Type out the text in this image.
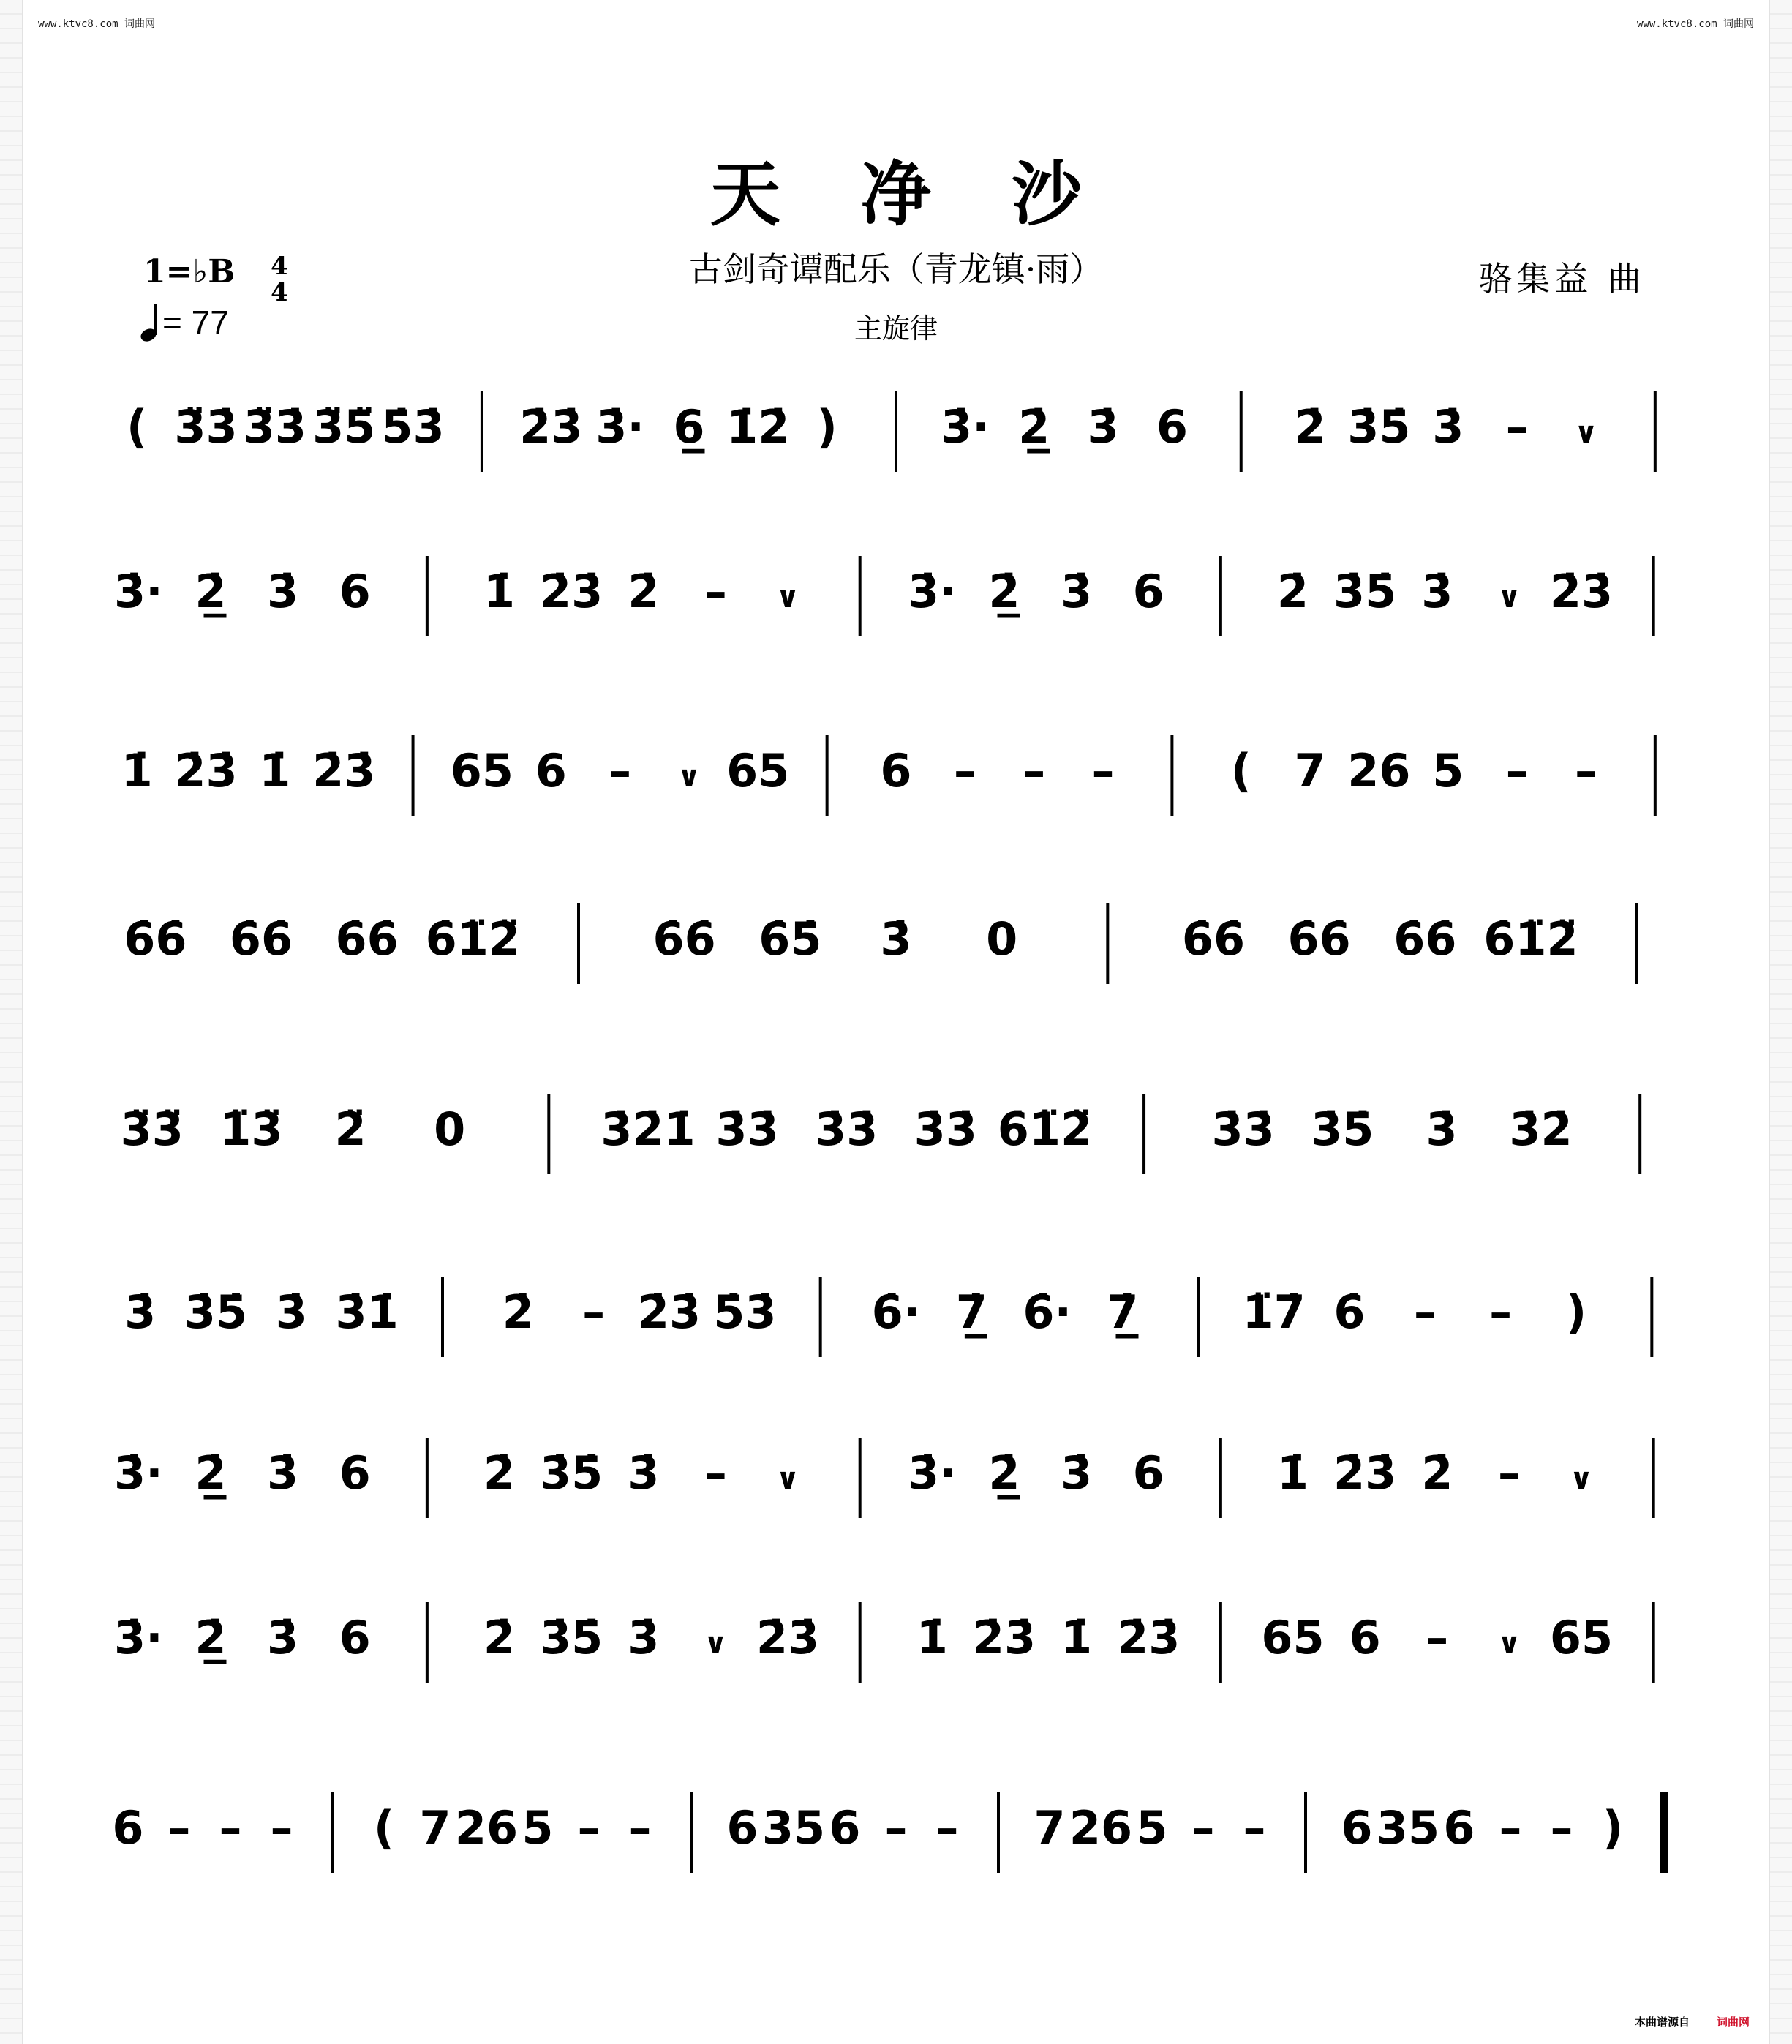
www.ktvc8.com 词曲网	www.ktvc8.com 词曲网
天净沙
古剑奇谭配乐（青龙镇·雨）
主旋律
骆集益 曲
1=♭B 4
4
= 77
( 3̈3̇ 3̈3̇ 3̈5̈ 5̇3̇ 2̇3̇ 3̇· 6̲ 1̇2̇ ) 3̇· 2̲̇ 3̇ 6 2̇ 3̇5̇ 3̇ – ∨
3̇· 2̲̇ 3̇ 6 1̇ 2̇3̇ 2̇ – ∨ 3̇· 2̲̇ 3̇ 6 2̇ 3̇5̇ 3̇ ∨ 2̇3̇
1̇ 2̇3̇ 1̇ 2̇3̇ 65 6 – ∨ 65 6 – – –	( 7 26 5 – –
6̇6̇ 6̇6̇ 6̇6̇ 6̇1̈2̈	6̇6̇ 6̇5̇ 3̇ 0	6̇6̇ 6̇6̇ 6̇6̇ 6̇1̈2̈
3̈3̈ 1̈3̈ 2̈ 0	3̇2̇1̇ 3̇3̇ 3̇3̇ 3̇3̇ 6̇1̈2̈	3̇3̇ 3̇5̇ 3̇ 3̇2̇
3̇ 3̇5̇ 3̇ 3̇1̇ 2̇ – 2̇3̇ 5̇3̇ 6̇· 7̲̇ 6̇· 7̲̇ 1̈7̇ 6̇ – – )
3̇· 2̲̇ 3̇ 6 2̇ 3̇5̇ 3̇ – ∨ 3̇· 2̲̇ 3̇ 6 1̇ 2̇3̇ 2̇ – ∨
3̇· 2̲̇ 3̇ 6 2̇ 3̇5̇ 3̇ ∨ 2̇3̇ 1̇ 2̇3̇ 1̇ 2̇3̇ 65 6 – ∨ 65
6 – – – ( 7 26 5 – – 6 35 6 – – 7 26 5 – – 6 35 6 – – )
本曲谱源自 词曲网
